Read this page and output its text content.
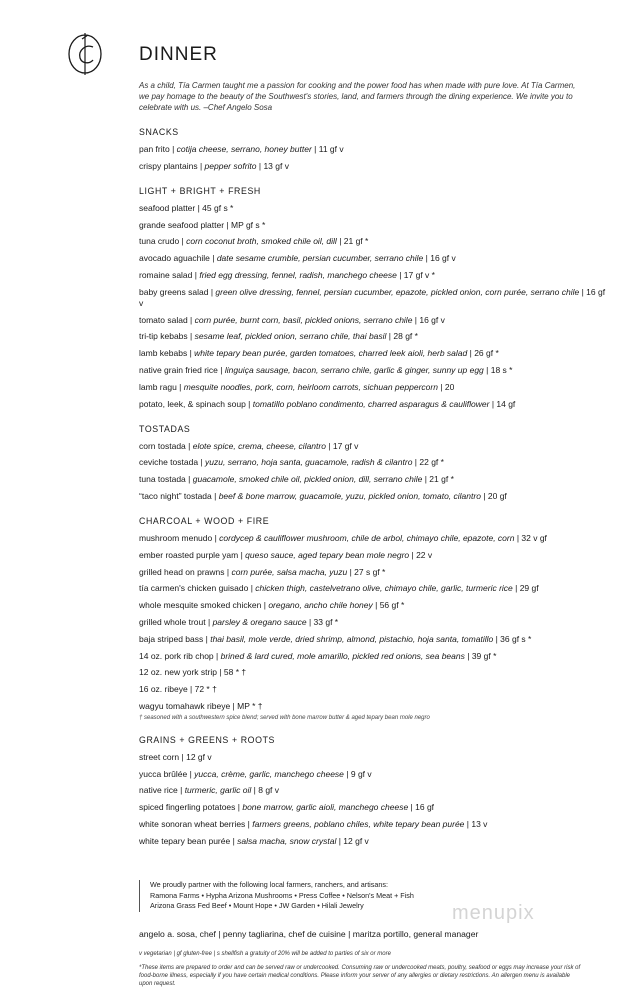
DINNER
As a child, Tía Carmen taught me a passion for cooking and the power food has when made with pure love. At Tía Carmen, we pay homage to the beauty of the Southwest's stories, land, and farmers through the dining experience. We invite you to celebrate with us. –Chef Angelo Sosa
SNACKS
pan frito | cotija cheese, serrano, honey butter | 11 gf v
crispy plantains | pepper sofrito | 13 gf v
LIGHT + BRIGHT + FRESH
seafood platter | 45 gf s *
grande seafood platter | MP gf s *
tuna crudo | corn coconut broth, smoked chile oil, dill | 21 gf *
avocado aguachile | date sesame crumble, persian cucumber, serrano chile | 16 gf v
romaine salad | fried egg dressing, fennel, radish, manchego cheese | 17 gf v *
baby greens salad | green olive dressing, fennel, persian cucumber, epazote, pickled onion, corn purée, serrano chile | 16 gf v
tomato salad | corn purée, burnt corn, basil, pickled onions, serrano chile | 16 gf v
tri-tip kebabs | sesame leaf, pickled onion, serrano chile, thai basil | 28 gf *
lamb kebabs | white tepary bean purée, garden tomatoes, charred leek aioli, herb salad | 26 gf *
native grain fried rice | linguiça sausage, bacon, serrano chile, garlic & ginger, sunny up egg | 18 s *
lamb ragu | mesquite noodles, pork, corn, heirloom carrots, sichuan peppercorn | 20
potato, leek, & spinach soup | tomatillo poblano condimento, charred asparagus & cauliflower | 14 gf
TOSTADAS
corn tostada | elote spice, crema, cheese, cilantro | 17 gf v
ceviche tostada | yuzu, serrano, hoja santa, guacamole, radish & cilantro | 22 gf *
tuna tostada | guacamole, smoked chile oil, pickled onion, dill, serrano chile | 21 gf *
“taco night” tostada | beef & bone marrow, guacamole, yuzu, pickled onion, tomato, cilantro | 20 gf
CHARCOAL + WOOD + FIRE
mushroom menudo | cordycep & cauliflower mushroom, chile de arbol, chimayo chile, epazote, corn | 32 v gf
ember roasted purple yam | queso sauce, aged tepary bean mole negro | 22 v
grilled head on prawns | corn purée, salsa macha, yuzu | 27 s gf *
tía carmen's chicken guisado | chicken thigh, castelvetrano olive, chimayo chile, garlic, turmeric rice | 29 gf
whole mesquite smoked chicken | oregano, ancho chile honey | 56 gf *
grilled whole trout | parsley & oregano sauce | 33 gf *
baja striped bass | thai basil, mole verde, dried shrimp, almond, pistachio, hoja santa, tomatillo | 36 gf s *
14 oz. pork rib chop | brined & lard cured, mole amarillo, pickled red onions, sea beans | 39 gf *
12 oz. new york strip | 58 * †
16 oz. ribeye | 72 * †
wagyu tomahawk ribeye | MP * †
† seasoned with a southwestern spice blend; served with bone marrow butter & aged tepary bean mole negro
GRAINS + GREENS + ROOTS
street corn | 12 gf v
yucca brûlée | yucca, crème, garlic, manchego cheese | 9 gf v
native rice | turmeric, garlic oil | 8 gf v
spiced fingerling potatoes | bone marrow, garlic aioli, manchego cheese | 16 gf
white sonoran wheat berries | farmers greens, poblano chiles, white tepary bean purée | 13 v
white tepary bean purée | salsa macha, snow crystal | 12 gf v
We proudly partner with the following local farmers, ranchers, and artisans:
Ramona Farms • Hypha Arizona Mushrooms • Press Coffee • Nelson's Meat + Fish
Arizona Grass Fed Beef • Mount Hope • JW Garden • Hilali Jewelry	menupix
angelo a. sosa, chef | penny tagliarina, chef de cuisine | maritza portillo, general manager
v vegetarian | gf gluten-free | s shellfish a gratuity of 20% will be added to parties of six or more
*These items are prepared to order and can be served raw or undercooked. Consuming raw or undercooked meats, poultry, seafood or eggs may increase your risk of food-borne illness, especially if you have certain medical conditions. Please inform your server of any allergies or dietary restrictions. An allergen menu is available upon request.
